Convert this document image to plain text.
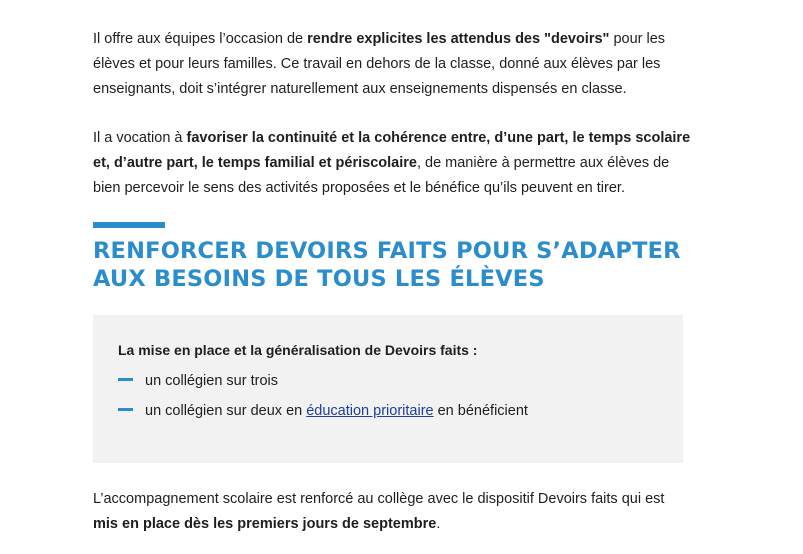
Il offre aux équipes l’occasion de rendre explicites les attendus des "devoirs" pour les élèves et pour leurs familles. Ce travail en dehors de la classe, donné aux élèves par les enseignants, doit s’intégrer naturellement aux enseignements dispensés en classe.

Il a vocation à favoriser la continuité et la cohérence entre, d’une part, le temps scolaire et, d’autre part, le temps familial et périscolaire, de manière à permettre aux élèves de bien percevoir le sens des activités proposées et le bénéfice qu’ils peuvent en tirer.

RENFORCER DEVOIRS FAITS POUR S’ADAPTER AUX BESOINS DE TOUS LES ÉLÈVES
La mise en place et la généralisation de Devoirs faits :
un collégien sur trois
un collégien sur deux en éducation prioritaire en bénéficient

L’accompagnement scolaire est renforcé au collège avec le dispositif Devoirs faits qui est mis en place dès les premiers jours de septembre.
